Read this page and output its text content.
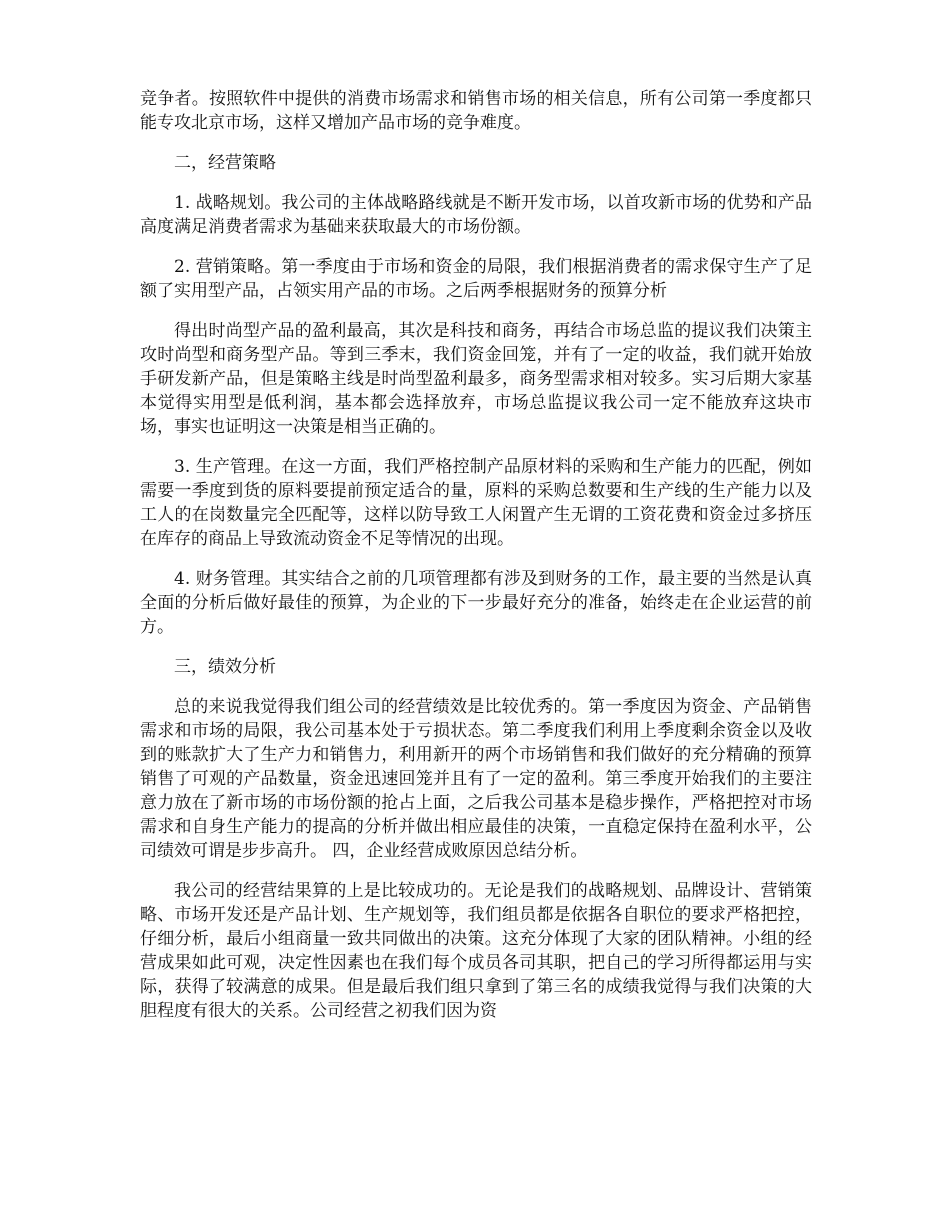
竞争者。按照软件中提供的消费市场需求和销售市场的相关信息，所有公司第一季度都只能专攻北京市场，这样又增加产品市场的竞争难度。

二，经营策略

1. 战略规划。我公司的主体战略路线就是不断开发市场，以首攻新市场的优势和产品高度满足消费者需求为基础来获取最大的市场份额。

2. 营销策略。第一季度由于市场和资金的局限，我们根据消费者的需求保守生产了足额了实用型产品，占领实用产品的市场。之后两季根据财务的预算分析

得出时尚型产品的盈利最高，其次是科技和商务，再结合市场总监的提议我们决策主攻时尚型和商务型产品。等到三季末，我们资金回笼，并有了一定的收益，我们就开始放手研发新产品，但是策略主线是时尚型盈利最多，商务型需求相对较多。实习后期大家基本觉得实用型是低利润，基本都会选择放弃，市场总监提议我公司一定不能放弃这块市场，事实也证明这一决策是相当正确的。

3. 生产管理。在这一方面，我们严格控制产品原材料的采购和生产能力的匹配，例如需要一季度到货的原料要提前预定适合的量，原料的采购总数要和生产线的生产能力以及工人的在岗数量完全匹配等，这样以防导致工人闲置产生无谓的工资花费和资金过多挤压在库存的商品上导致流动资金不足等情况的出现。

4. 财务管理。其实结合之前的几项管理都有涉及到财务的工作，最主要的当然是认真全面的分析后做好最佳的预算，为企业的下一步最好充分的准备，始终走在企业运营的前方。

三，绩效分析

总的来说我觉得我们组公司的经营绩效是比较优秀的。第一季度因为资金、产品销售需求和市场的局限，我公司基本处于亏损状态。第二季度我们利用上季度剩余资金以及收到的账款扩大了生产力和销售力，利用新开的两个市场销售和我们做好的充分精确的预算销售了可观的产品数量，资金迅速回笼并且有了一定的盈利。第三季度开始我们的主要注意力放在了新市场的市场份额的抢占上面，之后我公司基本是稳步操作，严格把控对市场需求和自身生产能力的提高的分析并做出相应最佳的决策，一直稳定保持在盈利水平，公司绩效可谓是步步高升。 四，企业经营成败原因总结分析。

我公司的经营结果算的上是比较成功的。无论是我们的战略规划、品牌设计、营销策略、市场开发还是产品计划、生产规划等，我们组员都是依据各自职位的要求严格把控，仔细分析，最后小组商量一致共同做出的决策。这充分体现了大家的团队精神。小组的经营成果如此可观，决定性因素也在我们每个成员各司其职，把自己的学习所得都运用与实际，获得了较满意的成果。但是最后我们组只拿到了第三名的成绩我觉得与我们决策的大胆程度有很大的关系。公司经营之初我们因为资
